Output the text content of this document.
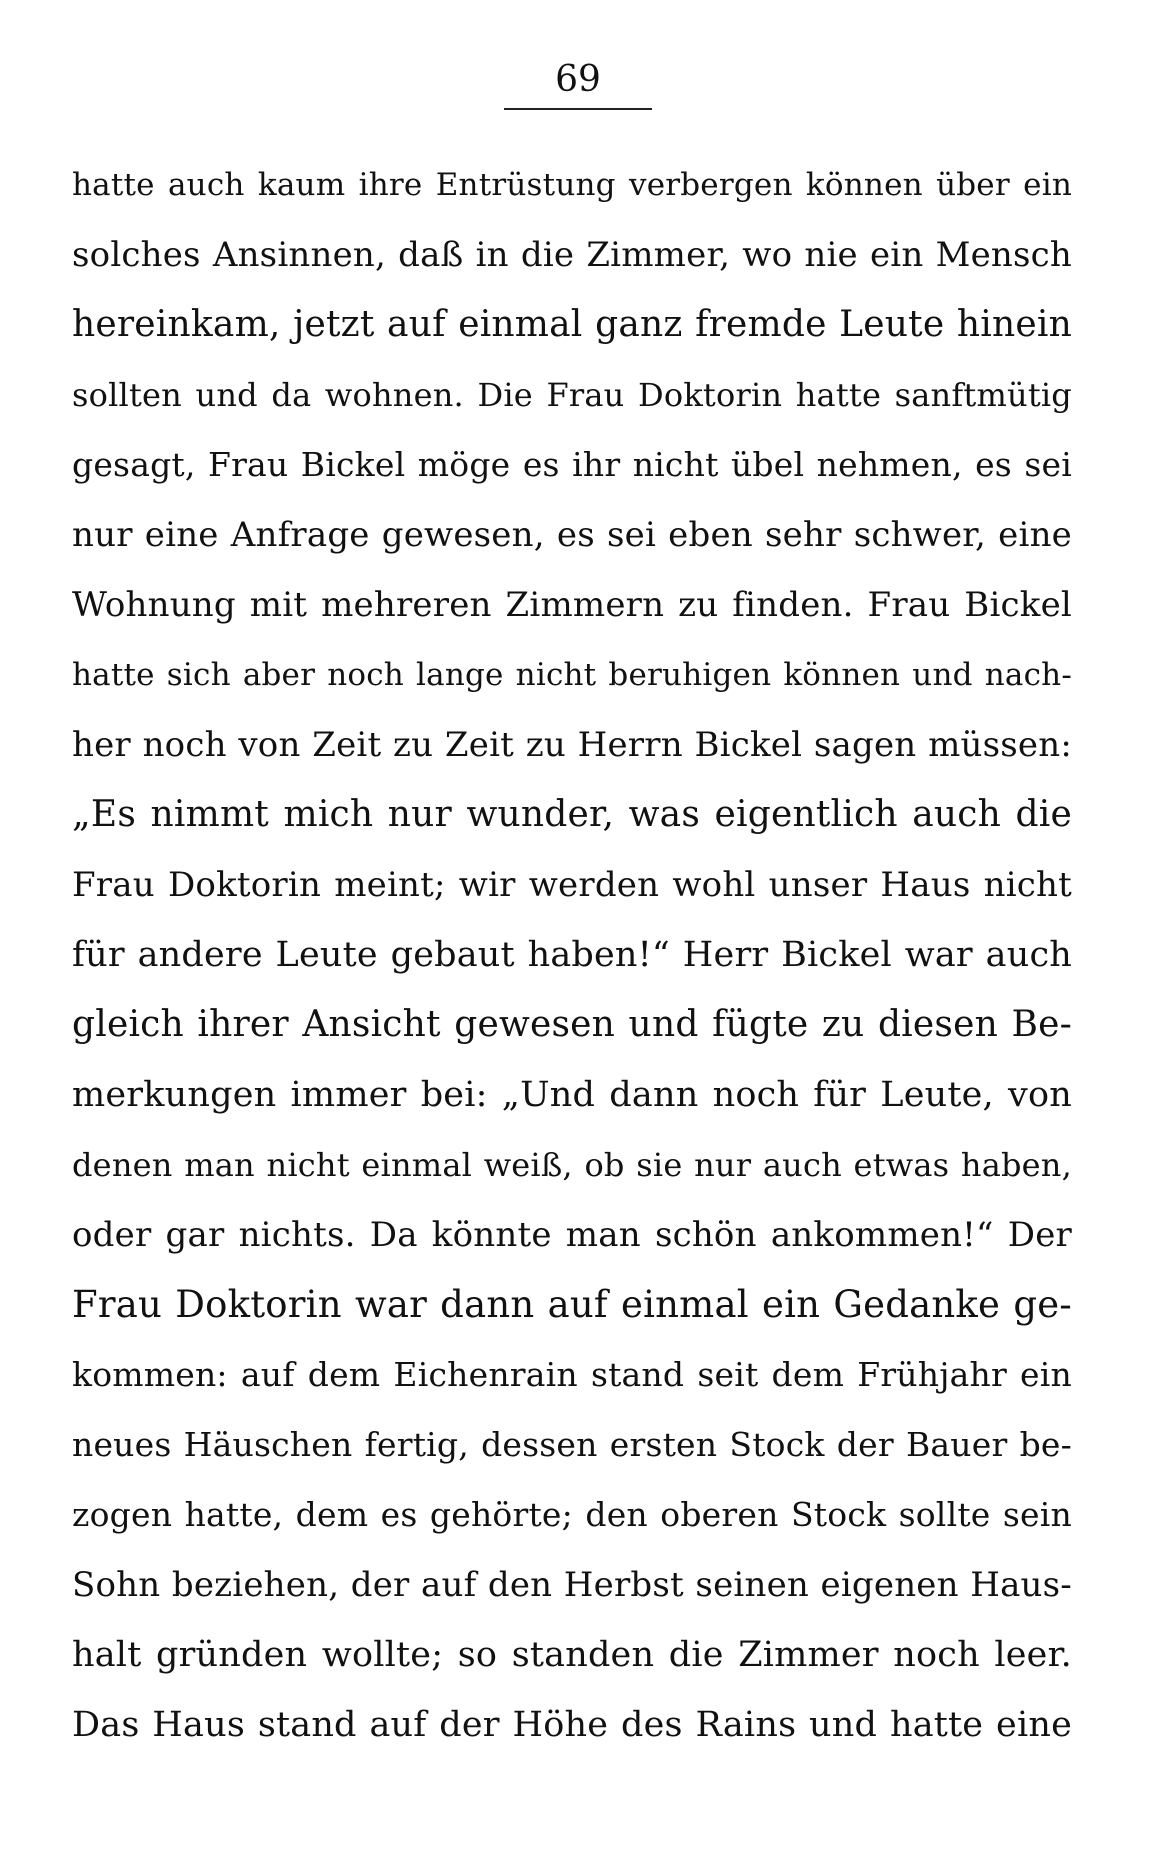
69
hatte auch kaum ihre Entrüstung verbergen können über ein
solches Ansinnen, daß in die Zimmer, wo nie ein Mensch
hereinkam, jetzt auf einmal ganz fremde Leute hinein
sollten und da wohnen. Die Frau Doktorin hatte sanftmütig
gesagt, Frau Bickel möge es ihr nicht übel nehmen, es sei
nur eine Anfrage gewesen, es sei eben sehr schwer, eine
Wohnung mit mehreren Zimmern zu finden. Frau Bickel
hatte sich aber noch lange nicht beruhigen können und nach-
her noch von Zeit zu Zeit zu Herrn Bickel sagen müssen:
„Es nimmt mich nur wunder, was eigentlich auch die
Frau Doktorin meint; wir werden wohl unser Haus nicht
für andere Leute gebaut haben!“ Herr Bickel war auch
gleich ihrer Ansicht gewesen und fügte zu diesen Be-
merkungen immer bei: „Und dann noch für Leute, von
denen man nicht einmal weiß, ob sie nur auch etwas haben,
oder gar nichts. Da könnte man schön ankommen!“ Der
Frau Doktorin war dann auf einmal ein Gedanke ge-
kommen: auf dem Eichenrain stand seit dem Frühjahr ein
neues Häuschen fertig, dessen ersten Stock der Bauer be-
zogen hatte, dem es gehörte; den oberen Stock sollte sein
Sohn beziehen, der auf den Herbst seinen eigenen Haus-
halt gründen wollte; so standen die Zimmer noch leer.
Das Haus stand auf der Höhe des Rains und hatte eine
